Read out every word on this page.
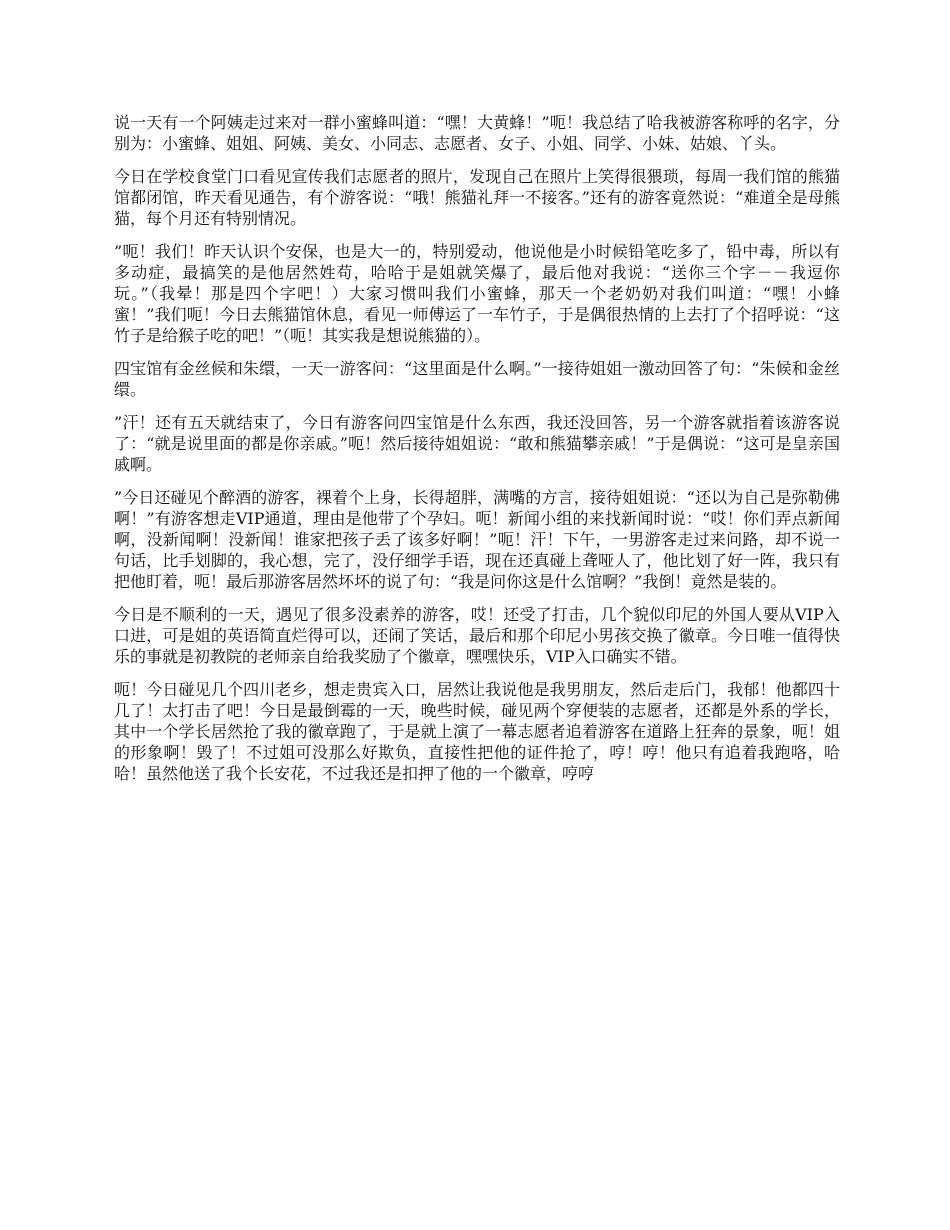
说一天有一个阿姨走过来对一群小蜜蜂叫道：“嘿！大黄蜂！”呃！我总结了哈我被游客称呼的名字，分别为：小蜜蜂、姐姐、阿姨、美女、小同志、志愿者、女子、小姐、同学、小妹、姑娘、丫头。

今日在学校食堂门口看见宣传我们志愿者的照片，发现自己在照片上笑得很猥琐，每周一我们馆的熊猫馆都闭馆，昨天看见通告，有个游客说：“哦！熊猫礼拜一不接客。”还有的游客竟然说：“难道全是母熊猫，每个月还有特别情况。

”呃！我们！昨天认识个安保，也是大一的，特别爱动，他说他是小时候铅笔吃多了，铅中毒，所以有多动症，最搞笑的是他居然姓苟，哈哈于是姐就笑爆了，最后他对我说：“送你三个字－－我逗你玩。”（我晕！那是四个字吧！）大家习惯叫我们小蜜蜂，那天一个老奶奶对我们叫道：“嘿！小蜂蜜！”我们呃！今日去熊猫馆休息，看见一师傅运了一车竹子，于是偶很热情的上去打了个招呼说：“这竹子是给猴子吃的吧！”（呃！其实我是想说熊猫的）。

四宝馆有金丝候和朱缳，一天一游客问：“这里面是什么啊。”一接待姐姐一激动回答了句：“朱候和金丝缳。

”汗！还有五天就结束了，今日有游客问四宝馆是什么东西，我还没回答，另一个游客就指着该游客说了：“就是说里面的都是你亲戚。”呃！然后接待姐姐说：“敢和熊猫攀亲戚！”于是偶说：“这可是皇亲国戚啊。

”今日还碰见个醉酒的游客，裸着个上身，长得超胖，满嘴的方言，接待姐姐说：“还以为自己是弥勒佛啊！”有游客想走VIP通道，理由是他带了个孕妇。呃！新闻小组的来找新闻时说：“哎！你们弄点新闻啊，没新闻啊！没新闻！谁家把孩子丢了该多好啊！”呃！汗！下午，一男游客走过来问路，却不说一句话，比手划脚的，我心想，完了，没仔细学手语，现在还真碰上聋哑人了，他比划了好一阵，我只有把他盯着，呃！最后那游客居然坏坏的说了句：“我是问你这是什么馆啊？”我倒！竟然是装的。

今日是不顺利的一天，遇见了很多没素养的游客，哎！还受了打击，几个貌似印尼的外国人要从VIP入口进，可是姐的英语简直烂得可以，还闹了笑话，最后和那个印尼小男孩交换了徽章。今日唯一值得快乐的事就是初教院的老师亲自给我奖励了个徽章，嘿嘿快乐，VIP入口确实不错。

呃！今日碰见几个四川老乡，想走贵宾入口，居然让我说他是我男朋友，然后走后门，我郁！他都四十几了！太打击了吧！今日是最倒霉的一天，晚些时候，碰见两个穿便装的志愿者，还都是外系的学长，其中一个学长居然抢了我的徽章跑了，于是就上演了一幕志愿者追着游客在道路上狂奔的景象，呃！姐的形象啊！毁了！不过姐可没那么好欺负，直接性把他的证件抢了，哼！哼！他只有追着我跑咯，哈哈！虽然他送了我个长安花，不过我还是扣押了他的一个徽章，哼哼
